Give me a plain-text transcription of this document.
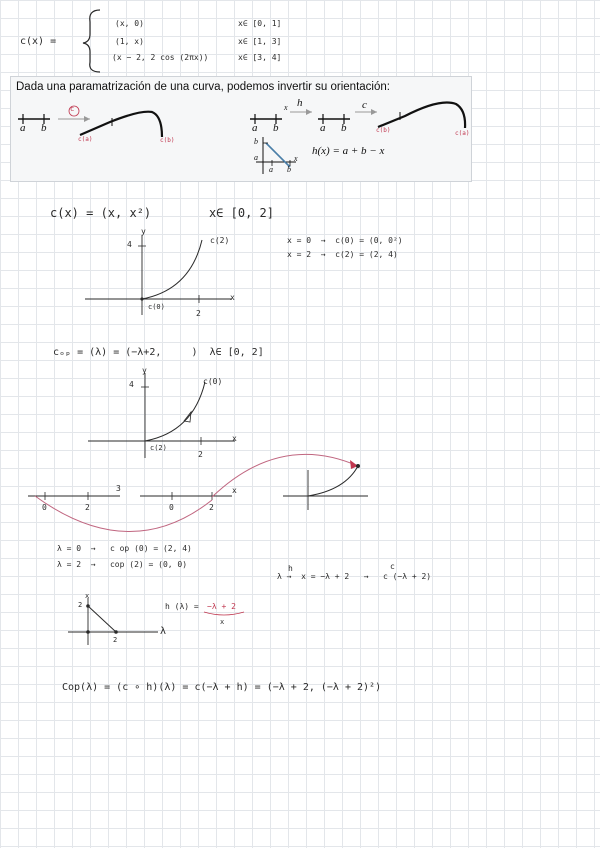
c(x) =
(x, 0)	x∈ [0, 1]
(1, x)	x∈ [1, 3]
(x − 2, 2 cos (2πx))	x∈ [3, 4]
Dada una paramatrización de una curva, podemos invertir su orientación:
c
a b
c(a)	c(b)
a b
x h
a b
c
c(b)	c(a)
b
a	x
a b
h(x) = a + b − x
c(x) = (x, x²)        x∈ [0, 2]
y
x
4
2
c(2)
c(0)
x = 0  →  c(0) = (0, 0²)
x = 2  →  c(2) = (2, 4)
cₒₚ = (λ) = (−λ+2,     )  λ∈ [0, 2]
y
x
4
2
c(0)
c(2)
0	2
3
0	2
x
λ = 0  →   c op (0) = (2, 4)
λ = 2  →   cop (2) = (0, 0)	h	c
λ →  x = −λ + 2   →   c (−λ + 2)
x
2
2
λ
h (λ) = −λ + 2
x
Cop(λ) = (c ∘ h)(λ) = c(−λ + h) = (−λ + 2, (−λ + 2)²)
